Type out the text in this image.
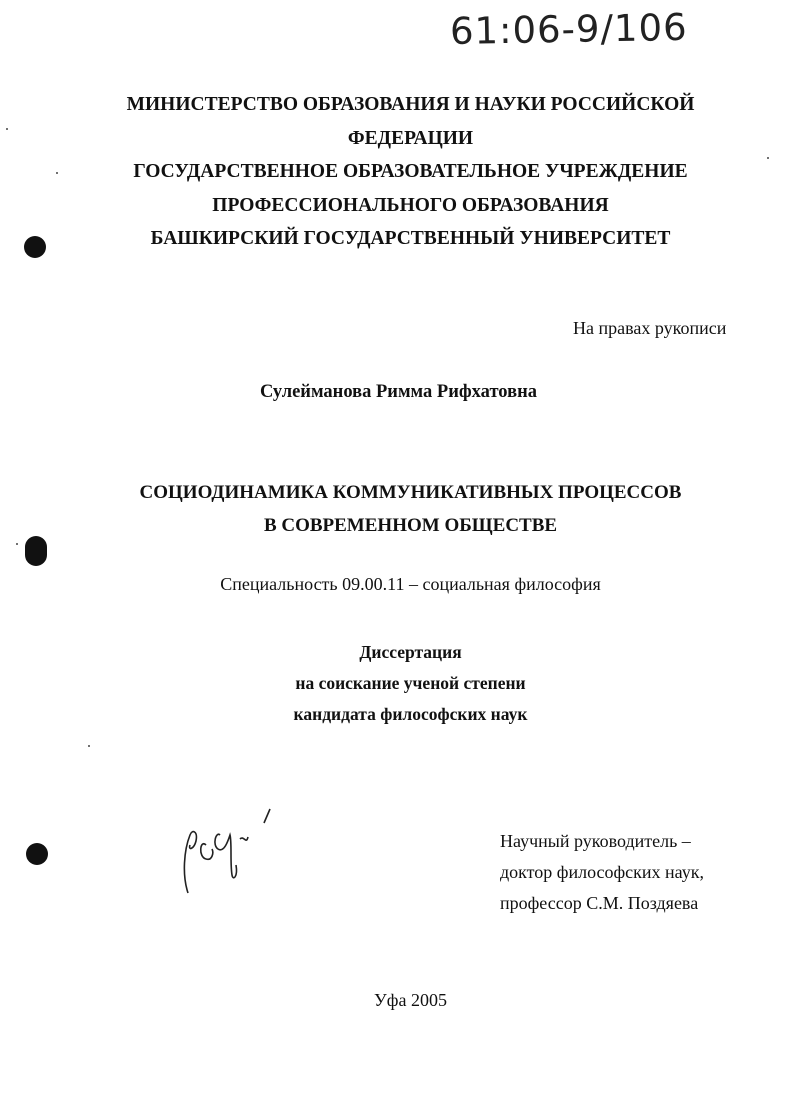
61:06-9/106
МИНИСТЕРСТВО ОБРАЗОВАНИЯ И НАУКИ РОССИЙСКОЙ
ФЕДЕРАЦИИ
ГОСУДАРСТВЕННОЕ ОБРАЗОВАТЕЛЬНОЕ УЧРЕЖДЕНИЕ
ПРОФЕССИОНАЛЬНОГО ОБРАЗОВАНИЯ
БАШКИРСКИЙ ГОСУДАРСТВЕННЫЙ УНИВЕРСИТЕТ
На правах рукописи
Сулейманова Римма Рифхатовна
СОЦИОДИНАМИКА КОММУНИКАТИВНЫХ ПРОЦЕССОВ
В СОВРЕМЕННОМ ОБЩЕСТВЕ
Специальность 09.00.11 – социальная философия
Диссертация
на соискание ученой степени
кандидата философских наук
Научный руководитель –
доктор философских наук,
профессор С.М. Поздяева
Уфа 2005
